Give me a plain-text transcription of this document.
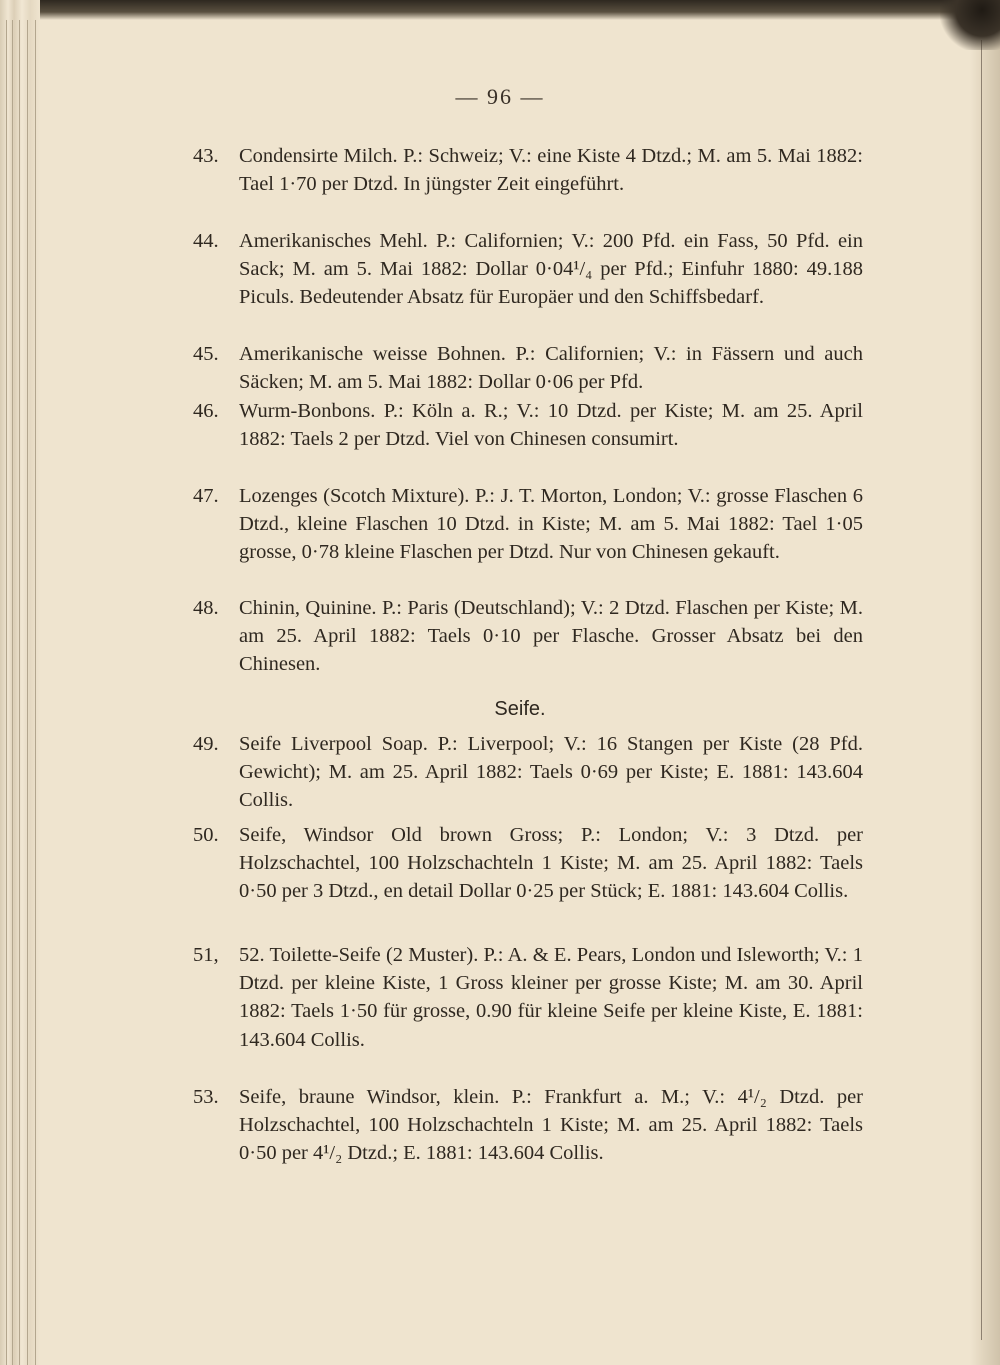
— 96 —
43. Condensirte Milch. P.: Schweiz; V.: eine Kiste 4 Dtzd.; M. am 5. Mai 1882: Tael 1·70 per Dtzd. In jüngster Zeit eingeführt.
44. Amerikanisches Mehl. P.: Californien; V.: 200 Pfd. ein Fass, 50 Pfd. ein Sack; M. am 5. Mai 1882: Dollar 0·04¹/₄ per Pfd.; Einfuhr 1880: 49.188 Piculs. Bedeutender Absatz für Europäer und den Schiffsbedarf.
45. Amerikanische weisse Bohnen. P.: Californien; V.: in Fässern und auch Säcken; M. am 5. Mai 1882: Dollar 0·06 per Pfd.
46. Wurm-Bonbons. P.: Köln a. R.; V.: 10 Dtzd. per Kiste; M. am 25. April 1882: Taels 2 per Dtzd. Viel von Chinesen consumirt.
47. Lozenges (Scotch Mixture). P.: J. T. Morton, London; V.: grosse Flaschen 6 Dtzd., kleine Flaschen 10 Dtzd. in Kiste; M. am 5. Mai 1882: Tael 1·05 grosse, 0·78 kleine Flaschen per Dtzd. Nur von Chinesen gekauft.
48. Chinin, Quinine. P.: Paris (Deutschland); V.: 2 Dtzd. Flaschen per Kiste; M. am 25. April 1882: Taels 0·10 per Flasche. Grosser Absatz bei den Chinesen.
Seife.
49. Seife Liverpool Soap. P.: Liverpool; V.: 16 Stangen per Kiste (28 Pfd. Gewicht); M. am 25. April 1882: Taels 0·69 per Kiste; E. 1881: 143.604 Collis.
50. Seife, Windsor Old brown Gross; P.: London; V.: 3 Dtzd. per Holzschachtel, 100 Holzschachteln 1 Kiste; M. am 25. April 1882: Taels 0·50 per 3 Dtzd., en detail Dollar 0·25 per Stück; E. 1881: 143.604 Collis.
51, 52. Toilette-Seife (2 Muster). P.: A. & E. Pears, London und Isleworth; V.: 1 Dtzd. per kleine Kiste, 1 Gross kleiner per grosse Kiste; M. am 30. April 1882: Taels 1·50 für grosse, 0.90 für kleine Seife per kleine Kiste, E. 1881: 143.604 Collis.
53. Seife, braune Windsor, klein. P.: Frankfurt a. M.; V.: 4¹/₂ Dtzd. per Holzschachtel, 100 Holzschachteln 1 Kiste; M. am 25. April 1882: Taels 0·50 per 4¹/₂ Dtzd.; E. 1881: 143.604 Collis.
